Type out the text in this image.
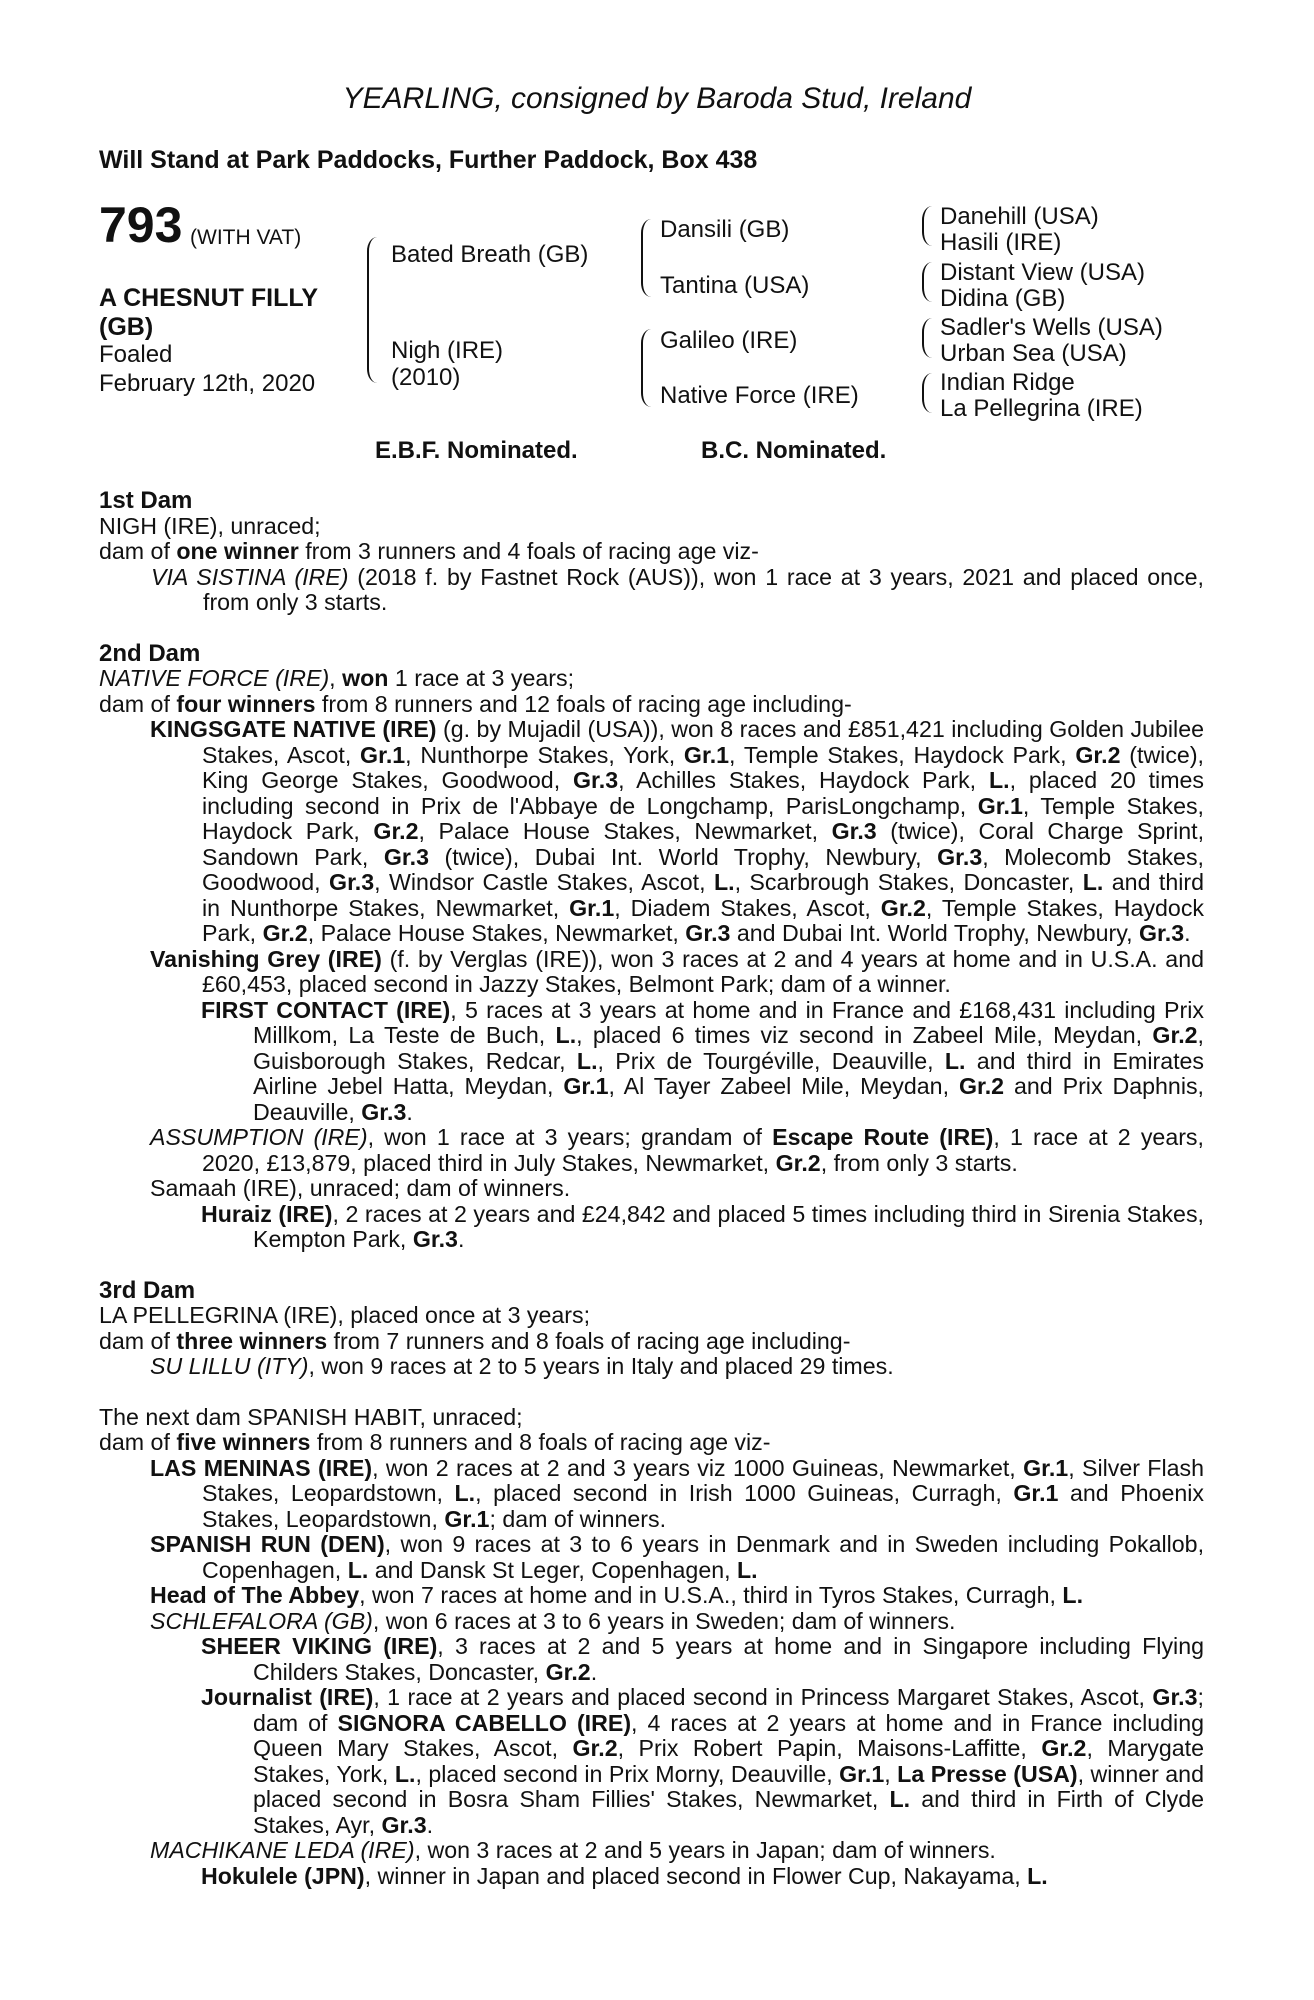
YEARLING, consigned by Baroda Stud, Ireland
Will Stand at Park Paddocks, Further Paddock, Box 438
793 (WITH VAT)
A CHESNUT FILLY
(GB)
Foaled
February 12th, 2020
Bated Breath (GB)
Nigh (IRE)
(2010)
Dansili (GB)
Tantina (USA)
Galileo (IRE)
Native Force (IRE)
Danehill (USA)
Hasili (IRE)
Distant View (USA)
Didina (GB)
Sadler's Wells (USA)
Urban Sea (USA)
Indian Ridge
La Pellegrina (IRE)
E.B.F. Nominated.	B.C. Nominated.

1st Dam

NIGH (IRE), unraced;

dam of one winner from 3 runners and 4 foals of racing age viz-

VIA SISTINA (IRE) (2018 f. by Fastnet Rock (AUS)), won 1 race at 3 years, 2021 and placed once, from only 3 starts.

2nd Dam

NATIVE FORCE (IRE), won 1 race at 3 years;

dam of four winners from 8 runners and 12 foals of racing age including-

KINGSGATE NATIVE (IRE) (g. by Mujadil (USA)), won 8 races and £851,421 including Golden Jubilee Stakes, Ascot, Gr.1, Nunthorpe Stakes, York, Gr.1, Temple Stakes, Haydock Park, Gr.2 (twice), King George Stakes, Goodwood, Gr.3, Achilles Stakes, Haydock Park, L., placed 20 times including second in Prix de l'Abbaye de Longchamp, ParisLongchamp, Gr.1, Temple Stakes, Haydock Park, Gr.2, Palace House Stakes, Newmarket, Gr.3 (twice), Coral Charge Sprint, Sandown Park, Gr.3 (twice), Dubai Int. World Trophy, Newbury, Gr.3, Molecomb Stakes, Goodwood, Gr.3, Windsor Castle Stakes, Ascot, L., Scarbrough Stakes, Doncaster, L. and third in Nunthorpe Stakes, Newmarket, Gr.1, Diadem Stakes, Ascot, Gr.2, Temple Stakes, Haydock Park, Gr.2, Palace House Stakes, Newmarket, Gr.3 and Dubai Int. World Trophy, Newbury, Gr.3.

Vanishing Grey (IRE) (f. by Verglas (IRE)), won 3 races at 2 and 4 years at home and in U.S.A. and £60,453, placed second in Jazzy Stakes, Belmont Park; dam of a winner.

FIRST CONTACT (IRE), 5 races at 3 years at home and in France and £168,431 including Prix Millkom, La Teste de Buch, L., placed 6 times viz second in Zabeel Mile, Meydan, Gr.2, Guisborough Stakes, Redcar, L., Prix de Tourgéville, Deauville, L. and third in Emirates Airline Jebel Hatta, Meydan, Gr.1, Al Tayer Zabeel Mile, Meydan, Gr.2 and Prix Daphnis, Deauville, Gr.3.

ASSUMPTION (IRE), won 1 race at 3 years; grandam of Escape Route (IRE), 1 race at 2 years, 2020, £13,879, placed third in July Stakes, Newmarket, Gr.2, from only 3 starts.

Samaah (IRE), unraced; dam of winners.

Huraiz (IRE), 2 races at 2 years and £24,842 and placed 5 times including third in Sirenia Stakes, Kempton Park, Gr.3.

3rd Dam

LA PELLEGRINA (IRE), placed once at 3 years;

dam of three winners from 7 runners and 8 foals of racing age including-

SU LILLU (ITY), won 9 races at 2 to 5 years in Italy and placed 29 times.

The next dam SPANISH HABIT, unraced;

dam of five winners from 8 runners and 8 foals of racing age viz-

LAS MENINAS (IRE), won 2 races at 2 and 3 years viz 1000 Guineas, Newmarket, Gr.1, Silver Flash Stakes, Leopardstown, L., placed second in Irish 1000 Guineas, Curragh, Gr.1 and Phoenix Stakes, Leopardstown, Gr.1; dam of winners.

SPANISH RUN (DEN), won 9 races at 3 to 6 years in Denmark and in Sweden including Pokallob, Copenhagen, L. and Dansk St Leger, Copenhagen, L.

Head of The Abbey, won 7 races at home and in U.S.A., third in Tyros Stakes, Curragh, L.

SCHLEFALORA (GB), won 6 races at 3 to 6 years in Sweden; dam of winners.

SHEER VIKING (IRE), 3 races at 2 and 5 years at home and in Singapore including Flying Childers Stakes, Doncaster, Gr.2.

Journalist (IRE), 1 race at 2 years and placed second in Princess Margaret Stakes, Ascot, Gr.3; dam of SIGNORA CABELLO (IRE), 4 races at 2 years at home and in France including Queen Mary Stakes, Ascot, Gr.2, Prix Robert Papin, Maisons-Laffitte, Gr.2, Marygate Stakes, York, L., placed second in Prix Morny, Deauville, Gr.1, La Presse (USA), winner and placed second in Bosra Sham Fillies' Stakes, Newmarket, L. and third in Firth of Clyde Stakes, Ayr, Gr.3.

MACHIKANE LEDA (IRE), won 3 races at 2 and 5 years in Japan; dam of winners.

Hokulele (JPN), winner in Japan and placed second in Flower Cup, Nakayama, L.
